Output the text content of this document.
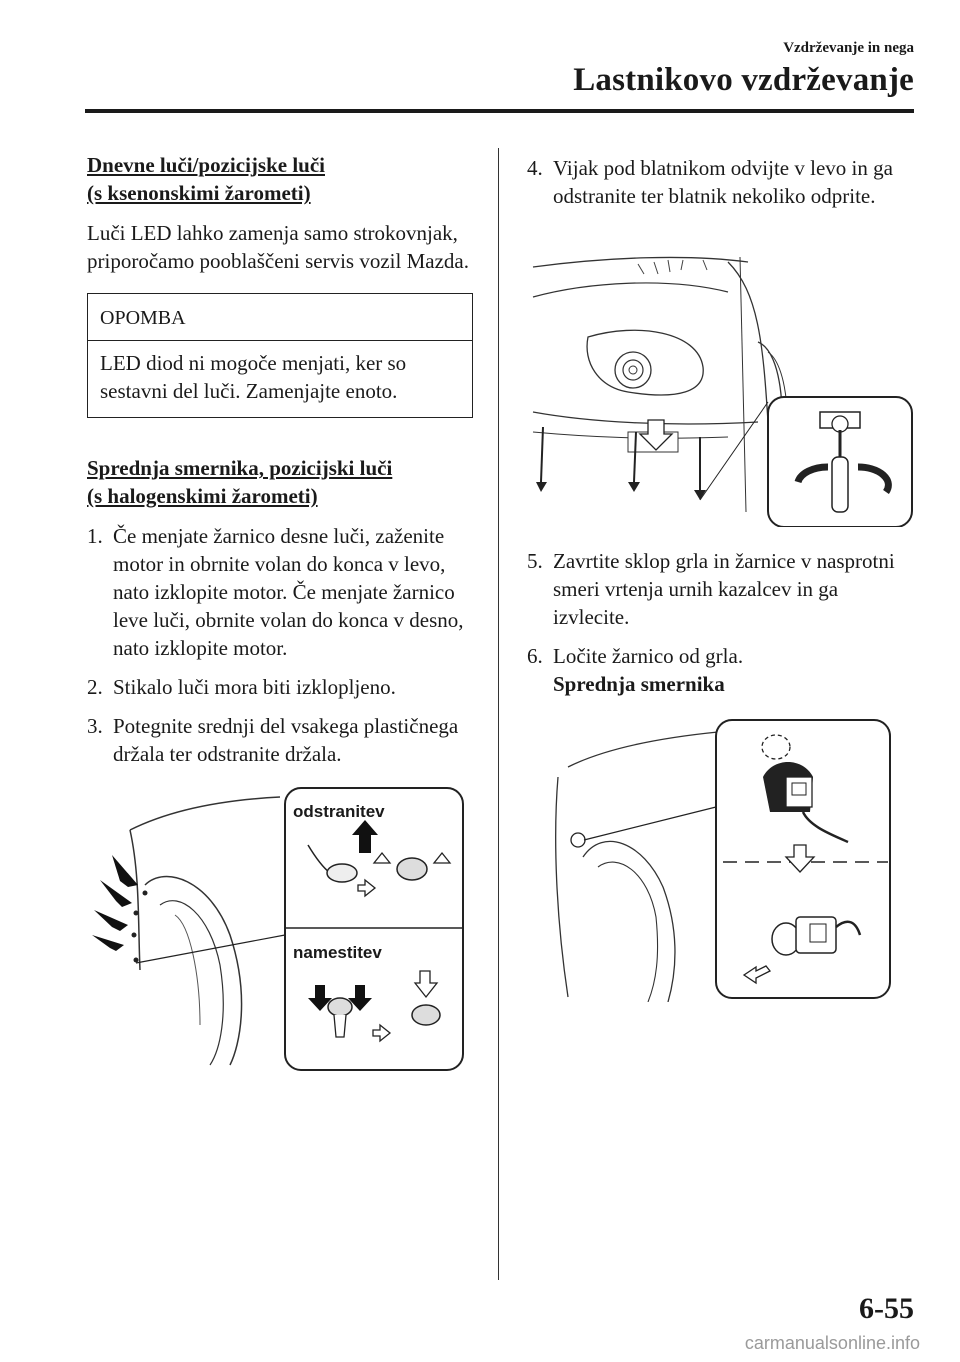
Vzdrževanje in nega
Lastnikovo vzdrževanje

Dnevne luči/pozicijske luči
(s ksenonskimi žarometi)

Luči LED lahko zamenja samo strokovnjak, priporočamo pooblaščeni servis vozil Mazda.

OPOMBA
LED diod ni mogoče menjati, ker so sestavni del luči. Zamenjajte enoto.

Sprednja smernika, pozicijski luči
(s halogenskimi žarometi)

1. Če menjate žarnico desne luči, zaženite motor in obrnite volan do konca v levo, nato izklopite motor. Če menjate žarnico leve luči, obrnite volan do konca v desno, nato izklopite motor.
2. Stikalo luči mora biti izklopljeno.
3. Potegnite srednji del vsakega plastičnega držala ter odstranite držala.
odstranitev
namestitev
4. Vijak pod blatnikom odvijte v levo in ga odstranite ter blatnik nekoliko odprite.
5. Zavrtite sklop grla in žarnice v nasprotni smeri vrtenja urnih kazalcev in ga izvlecite.
6. Ločite žarnico od grla.
Sprednja smernika
6-55
carmanualsonline.info
